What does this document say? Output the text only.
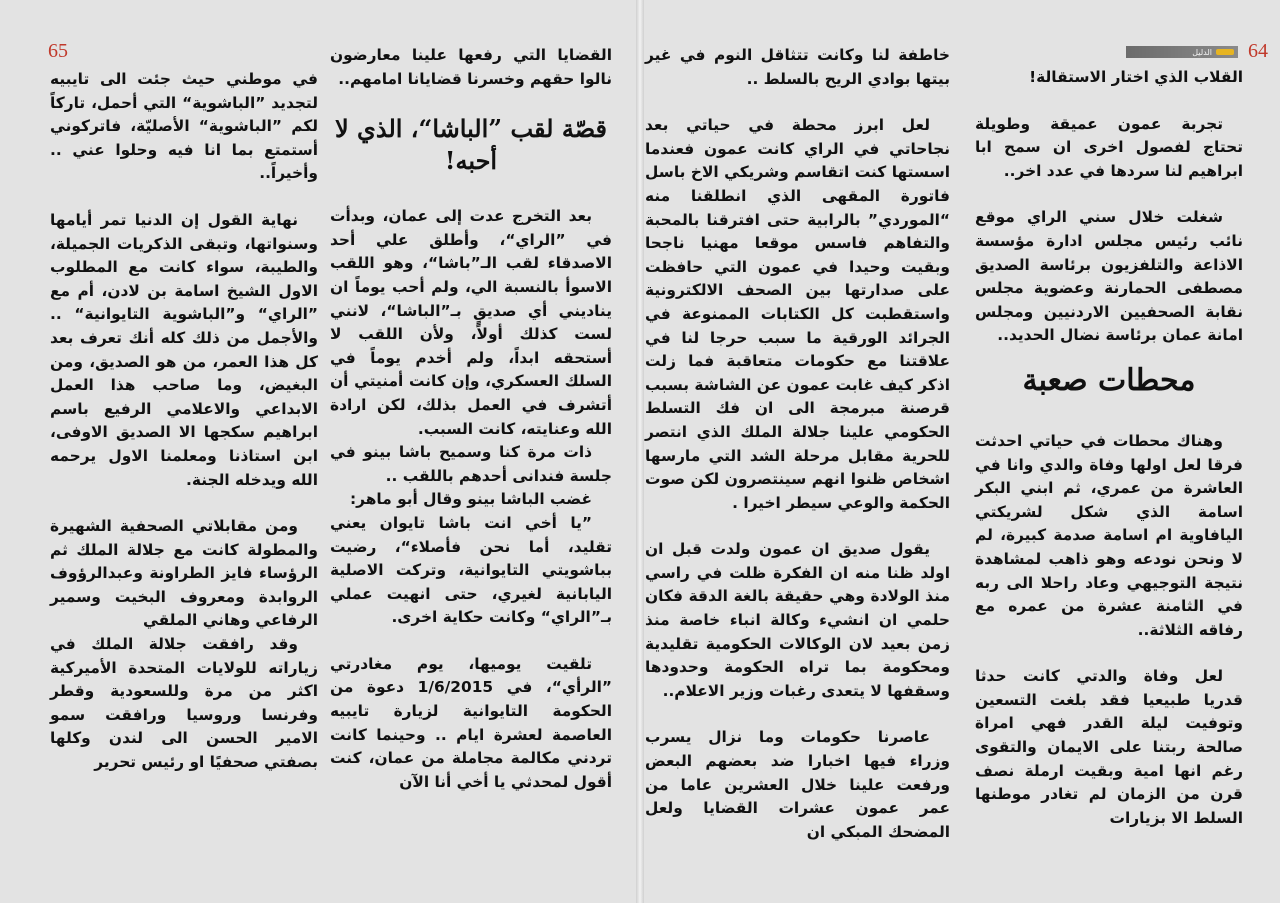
65	64
الدليل

القلاب الذي اختار الاستقالة!

تجربة عمون عميقة وطويلة تحتاج لفصول اخرى ان سمح ابا ابراهيم لنا سردها في عدد اخر..

شغلت خلال سني الراي موقع نائب رئيس مجلس ادارة مؤسسة الاذاعة والتلفزيون برئاسة الصديق مصطفى الحمارنة وعضوية مجلس نقابة الصحفيين الاردنيين ومجلس امانة عمان برئاسة نضال الحديد..

محطات صعبة

وهناك محطات في حياتي احدثت فرقا لعل اولها وفاة والدي وانا في العاشرة من عمري، ثم ابني البكر اسامة الذي شكل لشريكتي اليافاوية ام اسامة صدمة كبيرة، لم لا ونحن نودعه وهو ذاهب لمشاهدة نتيجة التوجيهي وعاد راحلا الى ربه في الثامنة عشرة من عمره مع رفاقه الثلاثة..

لعل وفاة والدتي كانت حدثا قدريا طبيعيا فقد بلغت التسعين وتوفيت ليلة القدر فهي امراة صالحة ربتنا على الايمان والتقوى رغم انها امية وبقيت ارملة نصف قرن من الزمان لم تغادر موطنها السلط الا بزيارات

خاطفة لنا وكانت تتثاقل النوم في غير بيتها بوادي الريح بالسلط ..

لعل ابرز محطة في حياتي بعد نجاحاتي في الراي كانت عمون فعندما اسستها كنت اتقاسم وشريكي الاخ باسل فاتورة المقهى الذي انطلقنا منه “الموردي” بالرابية حتى افترقنا بالمحبة والتفاهم فاسس موقعا مهنيا ناجحا وبقيت وحيدا في عمون التي حافظت على صدارتها بين الصحف الالكترونية واستقطبت كل الكتابات الممنوعة في الجرائد الورقية ما سبب حرجا لنا في علاقتنا مع حكومات متعاقبة فما زلت اذكر كيف غابت عمون عن الشاشة بسبب قرصنة مبرمجة الى ان فك التسلط الحكومي علينا جلالة الملك الذي انتصر للحرية مقابل مرحلة الشد التي مارسها اشخاص ظنوا انهم سينتصرون لكن صوت الحكمة والوعي سيطر اخيرا .

يقول صديق ان عمون ولدت قبل ان اولد ظنا منه ان الفكرة ظلت في راسي منذ الولادة وهي حقيقة بالغة الدقة فكان حلمي ان انشيء وكالة انباء خاصة منذ زمن بعيد لان الوكالات الحكومية تقليدية ومحكومة بما تراه الحكومة وحدودها وسقفها لا يتعدى رغبات وزير الاعلام..

عاصرنا حكومات وما نزال يسرب وزراء فيها اخبارا ضد بعضهم البعض ورفعت علينا خلال العشرين عاما من عمر عمون عشرات القضايا ولعل المضحك المبكي ان

القضايا التي رفعها علينا معارضون نالوا حقهم وخسرنا قضايانا امامهم..

قصّة لقب ”الباشا“، الذي لا أحبه!

بعد التخرج عدت إلى عمان، وبدأت في ”الراي“، وأطلق علي أحد الاصدقاء لقب الـ”باشا“، وهو اللقب الاسوأ بالنسبة الي، ولم أحب يوماً ان يناديني أي صديقٍ بـ”الباشا“، لانني لست كذلك أولاً، ولأن اللقب لا أستحقه ابداً، ولم أخدم يوماً في السلك العسكري، وإن كانت أمنيتي أن أتشرف في العمل بذلك، لكن ارادة الله وعنايته، كانت السبب.

ذات مرة كنا وسميح باشا بينو في جلسة فندانى أحدهم باللقب ..

غضب الباشا بينو وقال أبو ماهر:

”يا أخي انت باشا تايوان يعني تقليد، أما نحن فأصلاء“، رضيت بباشويتي التايوانية، وتركت الاصلية اليابانية لغيري، حتى انهيت عملي بـ”الراي“ وكانت حكاية اخرى.

تلقيت يوميها، يوم مغادرتي ”الرأي“، في 1/6/2015 دعوة من الحكومة التايوانية لزيارة تايبيه العاصمة لعشرة ايام .. وحينما كانت تردني مكالمة مجاملة من عمان، كنت أقول لمحدثي يا أخي أنا الآن

في موطني حيث جئت الى تايبيه لتجديد ”الباشوية“ التي أحمل، تاركاً لكم ”الباشوية“ الأصليّة، فاتركوني أستمتع بما انا فيه وحلوا عني .. وأخيراً..

نهاية القول إن الدنيا تمر أيامها وسنواتها، وتبقى الذكريات الجميلة، والطيبة، سواء كانت مع المطلوب الاول الشيخ اسامة بن لادن، أم مع ”الراي“ و”الباشوية التايوانية“ .. والأجمل من ذلك كله أنك تعرف بعد كل هذا العمر، من هو الصديق، ومن البغيض، وما صاحب هذا العمل الابداعي والاعلامي الرفيع باسم ابراهيم سكجها الا الصديق الاوفى، ابن استاذنا ومعلمنا الاول يرحمه الله ويدخله الجنة.

ومن مقابلاتي الصحفية الشهيرة والمطولة كانت مع جلالة الملك ثم الرؤساء فايز الطراونة وعبدالرؤوف الروابدة ومعروف البخيت وسمير الرفاعي وهاني الملقي

وقد رافقت جلالة الملك في زياراته للولايات المتحدة الأميركية اكثر من مرة وللسعودية وقطر وفرنسا وروسيا ورافقت سمو الامير الحسن الى لندن وكلها بصفتي صحفيًا او رئيس تحرير
